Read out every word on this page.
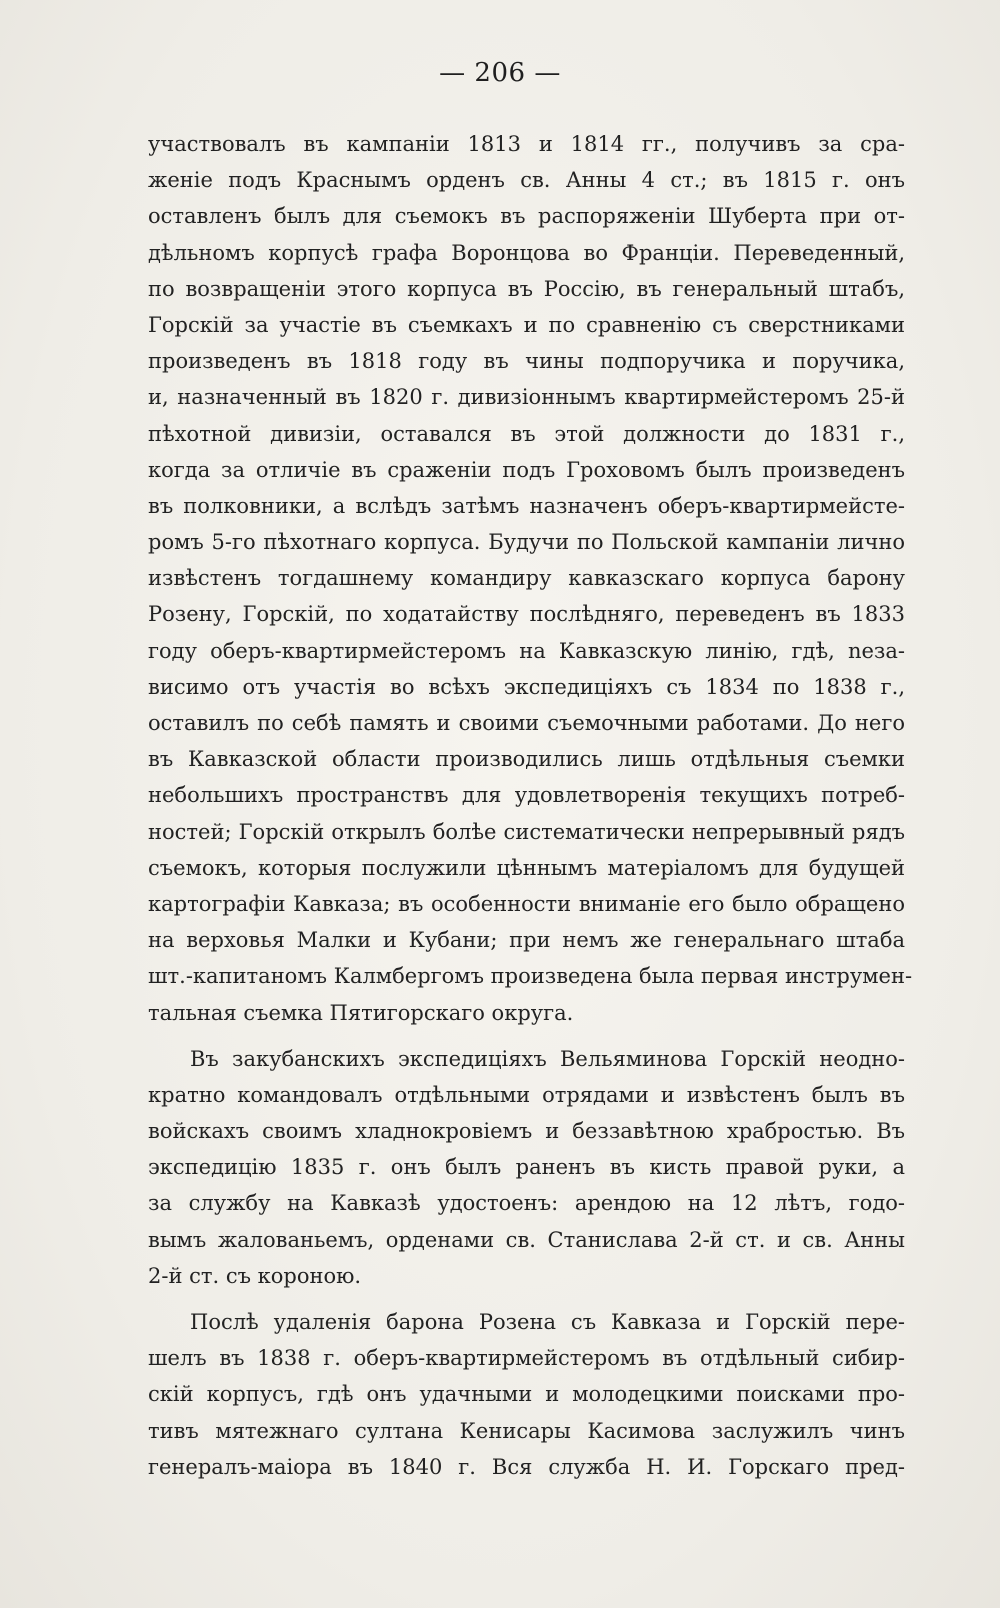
— 206 —
участвовалъ въ кампаніи 1813 и 1814 гг., получивъ за сра-
женіе подъ Краснымъ орденъ св. Анны 4 ст.; въ 1815 г. онъ
оставленъ былъ для съемокъ въ распоряженіи Шуберта при от-
дѣльномъ корпусѣ графа Воронцова во Франціи. Переведенный,
по возвращеніи этого корпуса въ Россію, въ генеральный штабъ,
Горскій за участіе въ съемкахъ и по сравненію съ сверстниками
произведенъ въ 1818 году въ чины подпоручика и поручика,
и, назначенный въ 1820 г. дивизіоннымъ квартирмейстеромъ 25-й
пѣхотной дивизіи, оставался въ этой должности до 1831 г.,
когда за отличіе въ сраженіи подъ Гроховомъ былъ произведенъ
въ полковники, а вслѣдъ затѣмъ назначенъ оберъ-квартирмейсте-
ромъ 5-го пѣхотнаго корпуса. Будучи по Польской кампаніи лично
извѣстенъ тогдашнему командиру кавказскаго корпуса барону
Розену, Горскій, по ходатайству послѣдняго, переведенъ въ 1833
году оберъ-квартирмейстеромъ на Кавказскую линію, гдѣ, neза-
висимо отъ участія во всѣхъ экспедиціяхъ съ 1834 по 1838 г.,
оставилъ по себѣ память и своими съемочными работами. До него
въ Кавказской области производились лишь отдѣльныя съемки
небольшихъ пространствъ для удовлетворенія текущихъ потреб-
ностей; Горскій открылъ болѣе систематически непрерывный рядъ
съемокъ, которыя послужили цѣннымъ матеріаломъ для будущей
картографіи Кавказа; въ особенности вниманіе его было обращено
на верховья Малки и Кубани; при немъ же генеральнаго штаба
шт.-капитаномъ Калмбергомъ произведена была первая инструмен-
тальная съемка Пятигорскаго округа.
Въ закубанскихъ экспедиціяхъ Вельяминова Горскій неодно-
кратно командовалъ отдѣльными отрядами и извѣстенъ былъ въ
войскахъ своимъ хладнокровіемъ и беззавѣтною храбростью. Въ
экспедицію 1835 г. онъ былъ раненъ въ кисть правой руки, а
за службу на Кавказѣ удостоенъ: арендою на 12 лѣтъ, годо-
вымъ жалованьемъ, орденами св. Станислава 2-й ст. и св. Анны
2-й ст. съ короною.
Послѣ удаленія барона Розена съ Кавказа и Горскій пере-
шелъ въ 1838 г. оберъ-квартирмейстеромъ въ отдѣльный сибир-
скій корпусъ, гдѣ онъ удачными и молодецкими поисками про-
тивъ мятежнаго султана Кенисары Касимова заслужилъ чинъ
генералъ-маіора въ 1840 г. Вся служба Н. И. Горскаго пред-
